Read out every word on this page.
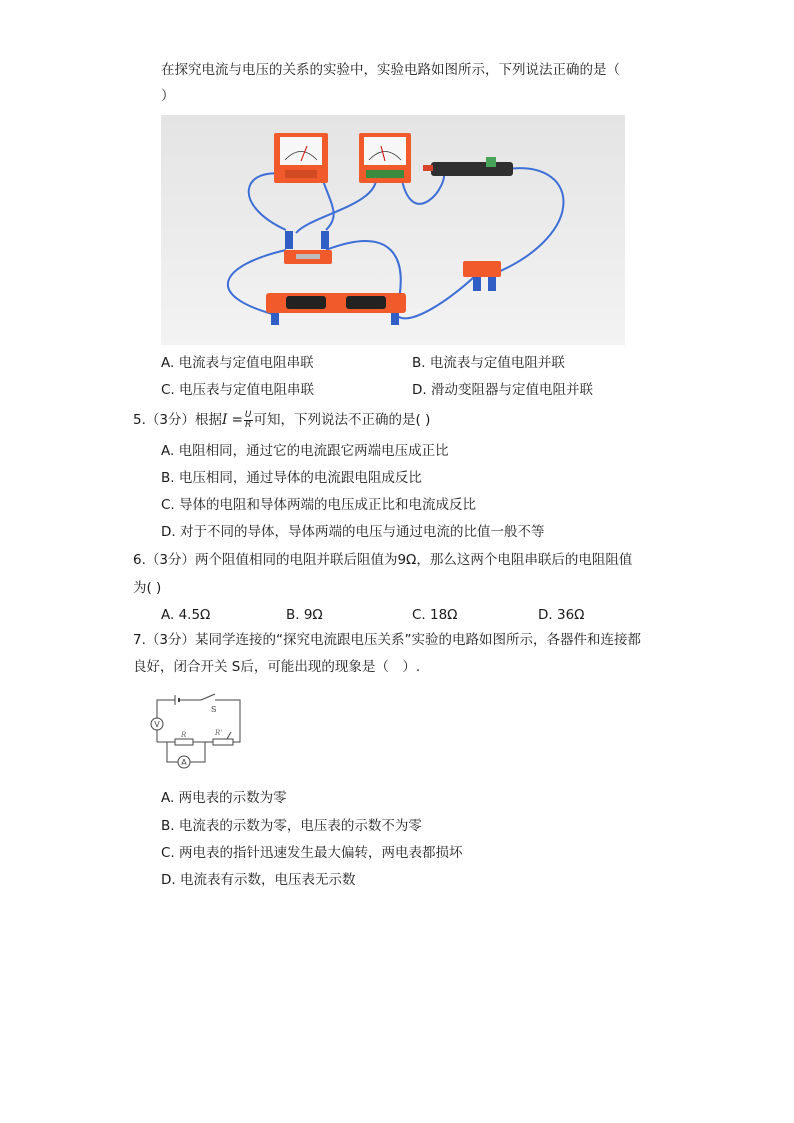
在探究电流与电压的关系的实验中，实验电路如图所示，下列说法正确的是（
）
A. 电流表与定值电阻串联	B. 电流表与定值电阻并联
C. 电压表与定值电阻串联	D. 滑动变阻器与定值电阻并联
5.（3分）根据$I = \frac{U}{R}$ 可知，下列说法不正确的是( )
A. 电阻相同，通过它的电流跟它两端电压成正比
B. 电压相同，通过导体的电流跟电阻成反比
C. 导体的电阻和导体两端的电压成正比和电流成反比
D. 对于不同的导体，导体两端的电压与通过电流的比值一般不等
6.（3分）两个阻值相同的电阻并联后阻值为9Ω，那么这两个电阻串联后的电阻阻值
为( )
A. 4.5Ω	B. 9Ω	C. 18Ω	D. 36Ω
7.（3分）某同学连接的“探究电流跟电压关系”实验的电路如图所示，各器件和连接都
良好，闭合开关 S后，可能出现的现象是（　）.
V
A
S
R	R'
A. 两电表的示数为零
B. 电流表的示数为零，电压表的示数不为零
C. 两电表的指针迅速发生最大偏转，两电表都损坏
D. 电流表有示数，电压表无示数
